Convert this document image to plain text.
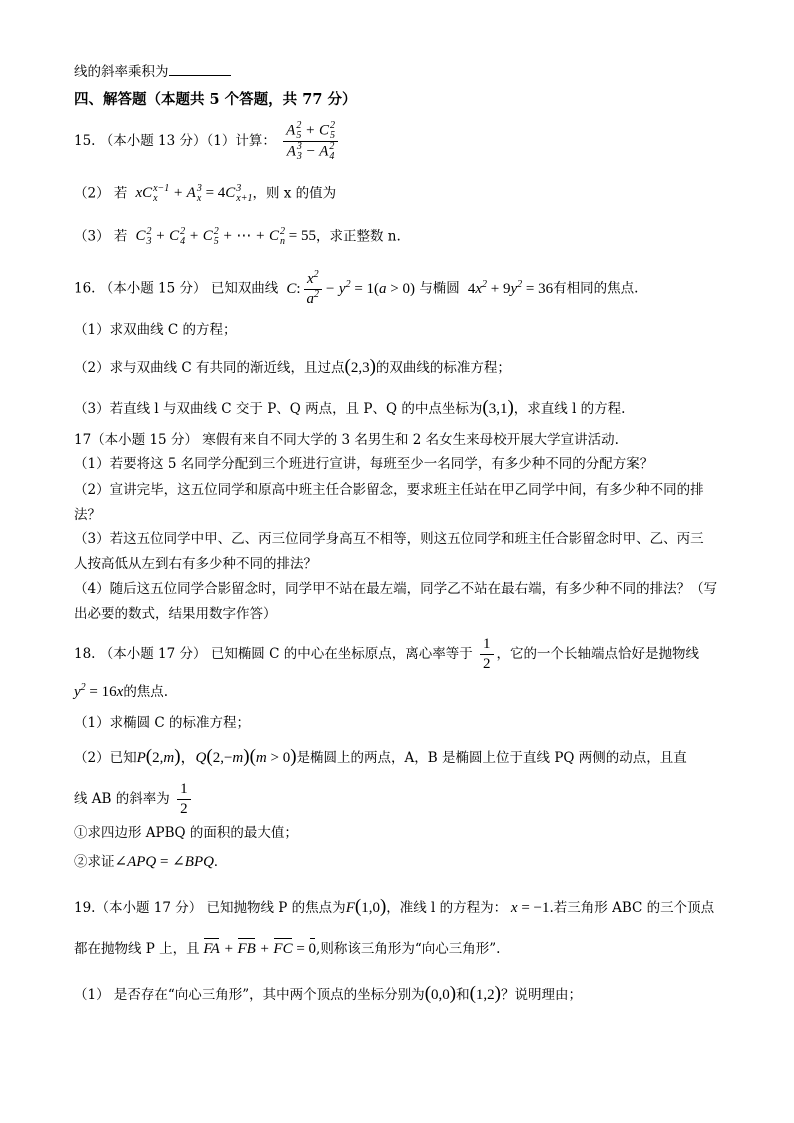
线的斜率乘积为
四、解答题（本题共 5 个答题，共 77 分）
15. （本小题 13 分）（1）计算： A 2
5 + C 2
5
A 3
3 − A 2
4
（2） 若  xC x−1
x + A 3
x = 4C 3
x+1 ，则 x 的值为
（3） 若  C 2
3 + C 2
4 + C 2
5 + ⋯ + C 2
n = 55，求正整数 n.
16. （本小题 15 分） 已知双曲线  C: $\frac{x^2}{a^2} - y^2 = 1(a > 0)$ 与椭圆 $4x^2 + 9y^2 = 36$有相同的焦点.
（1）求双曲线 C 的方程；
（2）求与双曲线 C 有共同的渐近线，且过点(2,3)的双曲线的标准方程；
（3）若直线 l 与双曲线 C 交于 P、Q 两点，且 P、Q 的中点坐标为(3,1)，求直线 l 的方程.
17（本小题 15 分） 寒假有来自不同大学的 3 名男生和 2 名女生来母校开展大学宣讲活动.
（1）若要将这 5 名同学分配到三个班进行宣讲，每班至少一名同学，有多少种不同的分配方案？
（2）宣讲完毕，这五位同学和原高中班主任合影留念，要求班主任站在甲乙同学中间，有多少种不同的排
法？
（3）若这五位同学中甲、乙、丙三位同学身高互不相等，则这五位同学和班主任合影留念时甲、乙、丙三
人按高低从左到右有多少种不同的排法？
（4）随后这五位同学合影留念时，同学甲不站在最左端，同学乙不站在最右端，有多少种不同的排法？（写
出必要的数式，结果用数字作答）
18. （本小题 17 分） 已知椭圆 C 的中心在坐标原点，离心率等于 $\frac{1}{2}$ ，它的一个长轴端点恰好是抛物线
$y^2 = 16x$的焦点.
（1）求椭圆 C 的标准方程；
（2）已知P(2,m)，Q(2,−m)(m > 0)是椭圆上的两点，A，B 是椭圆上位于直线 PQ 两侧的动点，且直
线 AB 的斜率为 $\frac{1}{2}$
①求四边形 APBQ 的面积的最大值；
②求证∠APQ = ∠BPQ.
19.（本小题 17 分） 已知抛物线 P 的焦点为F(1,0)，准线 l 的方程为： x = −1.若三角形 ABC 的三个顶点
都在抛物线 P 上，且 FA + FB + FC = 0,则称该三角形为“向心三角形”.
（1） 是否存在“向心三角形”，其中两个顶点的坐标分别为(0,0)和(1,2)？说明理由；
